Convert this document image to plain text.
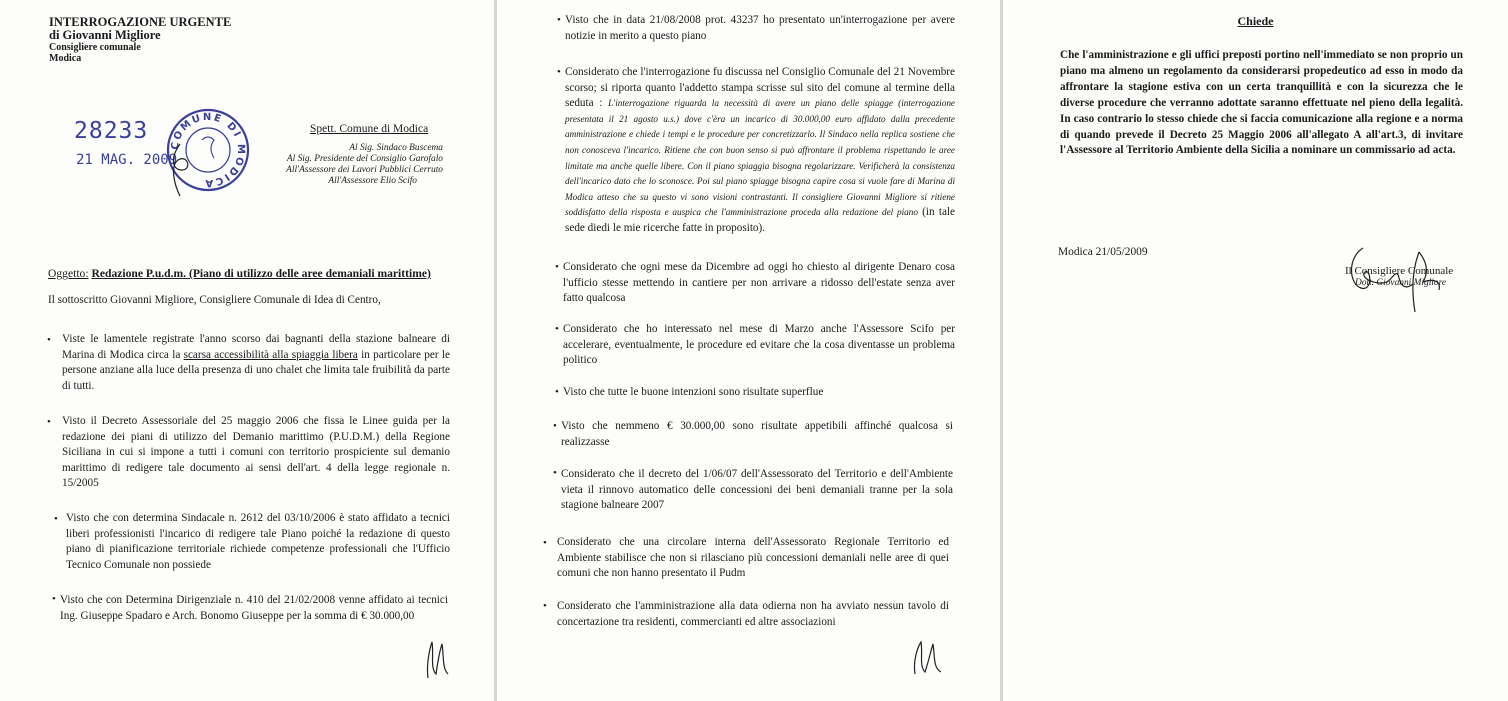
INTERROGAZIONE URGENTE
di Giovanni Migliore
Consigliere comunale
Modica
28233
21 MAG. 2009
COMUNE DI MODICA
Spett. Comune di Modica
Al Sig. Sindaco Buscema
Al Sig. Presidente del Consiglio Garofalo
All'Assessore dei Lavori Pubblici Cerruto
All'Assessore Elio Scifo
Oggetto: Redazione P.u.d.m. (Piano di utilizzo delle aree demaniali marittime)
Il sottoscritto Giovanni Migliore, Consigliere Comunale di Idea di Centro,
• Viste le lamentele registrate l'anno scorso dai bagnanti della stazione balneare di Marina di Modica circa la scarsa accessibilità alla spiaggia libera in particolare per le persone anziane alla luce della presenza di uno chalet che limita tale fruibilità da parte di tutti.
• Visto il Decreto Assessoriale del 25 maggio 2006 che fissa le Linee guida per la redazione dei piani di utilizzo del Demanio marittimo (P.U.D.M.) della Regione Siciliana in cui si impone a tutti i comuni con territorio prospiciente sul demanio marittimo di redigere tale documento ai sensi dell'art. 4 della legge regionale n. 15/2005
• Visto che con determina Sindacale n. 2612 del 03/10/2006 è stato affidato a tecnici liberi professionisti l'incarico di redigere tale Piano poiché la redazione di questo piano di pianificazione territoriale richiede competenze professionali che l'Ufficio Tecnico Comunale non possiede
• Visto che con Determina Dirigenziale n. 410 del 21/02/2008 venne affidato ai tecnici Ing. Giuseppe Spadaro e Arch. Bonomo Giuseppe per la somma di € 30.000,00
• Visto che in data 21/08/2008 prot. 43237 ho presentato un'interrogazione per avere notizie in merito a questo piano
• Considerato che l'interrogazione fu discussa nel Consiglio Comunale del 21 Novembre scorso; si riporta quanto l'addetto stampa scrisse sul sito del comune al termine della seduta : L'interrogazione riguarda la necessità di avere un piano delle spiagge (interrogazione presentata il 21 agosto u.s.) dove c'èra un incarico di 30.000,00 euro affidato dalla precedente amministrazione e chiede i tempi e le procedure per concretizzarlo. Il Sindaco nella replica sostiene che non conosceva l'incarico. Ritiene che con buon senso si può affrontare il problema rispettando le aree limitate ma anche quelle libere. Con il piano spiaggia bisogna regolarizzare. Verificherà la consistenza dell'incarico dato che lo sconosce. Poi sul piano spiagge bisogna capire cosa si vuole fare di Marina di Modica atteso che su questo vi sono visioni contrastanti. Il consigliere Giovanni Migliore si ritiene soddisfatto della risposta e auspica che l'amministrazione proceda alla redazione del piano (in tale sede diedi le mie ricerche fatte in proposito).
• Considerato che ogni mese da Dicembre ad oggi ho chiesto al dirigente Denaro cosa l'ufficio stesse mettendo in cantiere per non arrivare a ridosso dell'estate senza aver fatto qualcosa
• Considerato che ho interessato nel mese di Marzo anche l'Assessore Scifo per accelerare, eventualmente, le procedure ed evitare che la cosa diventasse un problema politico
• Visto che tutte le buone intenzioni sono risultate superflue
• Visto che nemmeno € 30.000,00 sono risultate appetibili affinché qualcosa si realizzasse
• Considerato che il decreto del 1/06/07 dell'Assessorato del Territorio e dell'Ambiente vieta il rinnovo automatico delle concessioni dei beni demaniali tranne per la sola stagione balneare 2007
• Considerato che una circolare interna dell'Assessorato Regionale Territorio ed Ambiente stabilisce che non si rilasciano più concessioni demaniali nelle aree di quei comuni che non hanno presentato il Pudm
• Considerato che l'amministrazione alla data odierna non ha avviato nessun tavolo di concertazione tra residenti, commercianti ed altre associazioni
Chiede
Che l'amministrazione e gli uffici preposti portino nell'immediato se non proprio un piano ma almeno un regolamento da considerarsi propedeutico ad esso in modo da affrontare la stagione estiva con un certa tranquillità e con la sicurezza che le diverse procedure che verranno adottate saranno effettuate nel pieno della legalità. In caso contrario lo stesso chiede che si faccia comunicazione alla regione e a norma di quando prevede il Decreto 25 Maggio 2006 all'allegato A all'art.3, di invitare l'Assessore al Territorio Ambiente della Sicilia a nominare un commissario ad acta.
Modica 21/05/2009
Il Consigliere Comunale
Dott. Giovanni Migliore
